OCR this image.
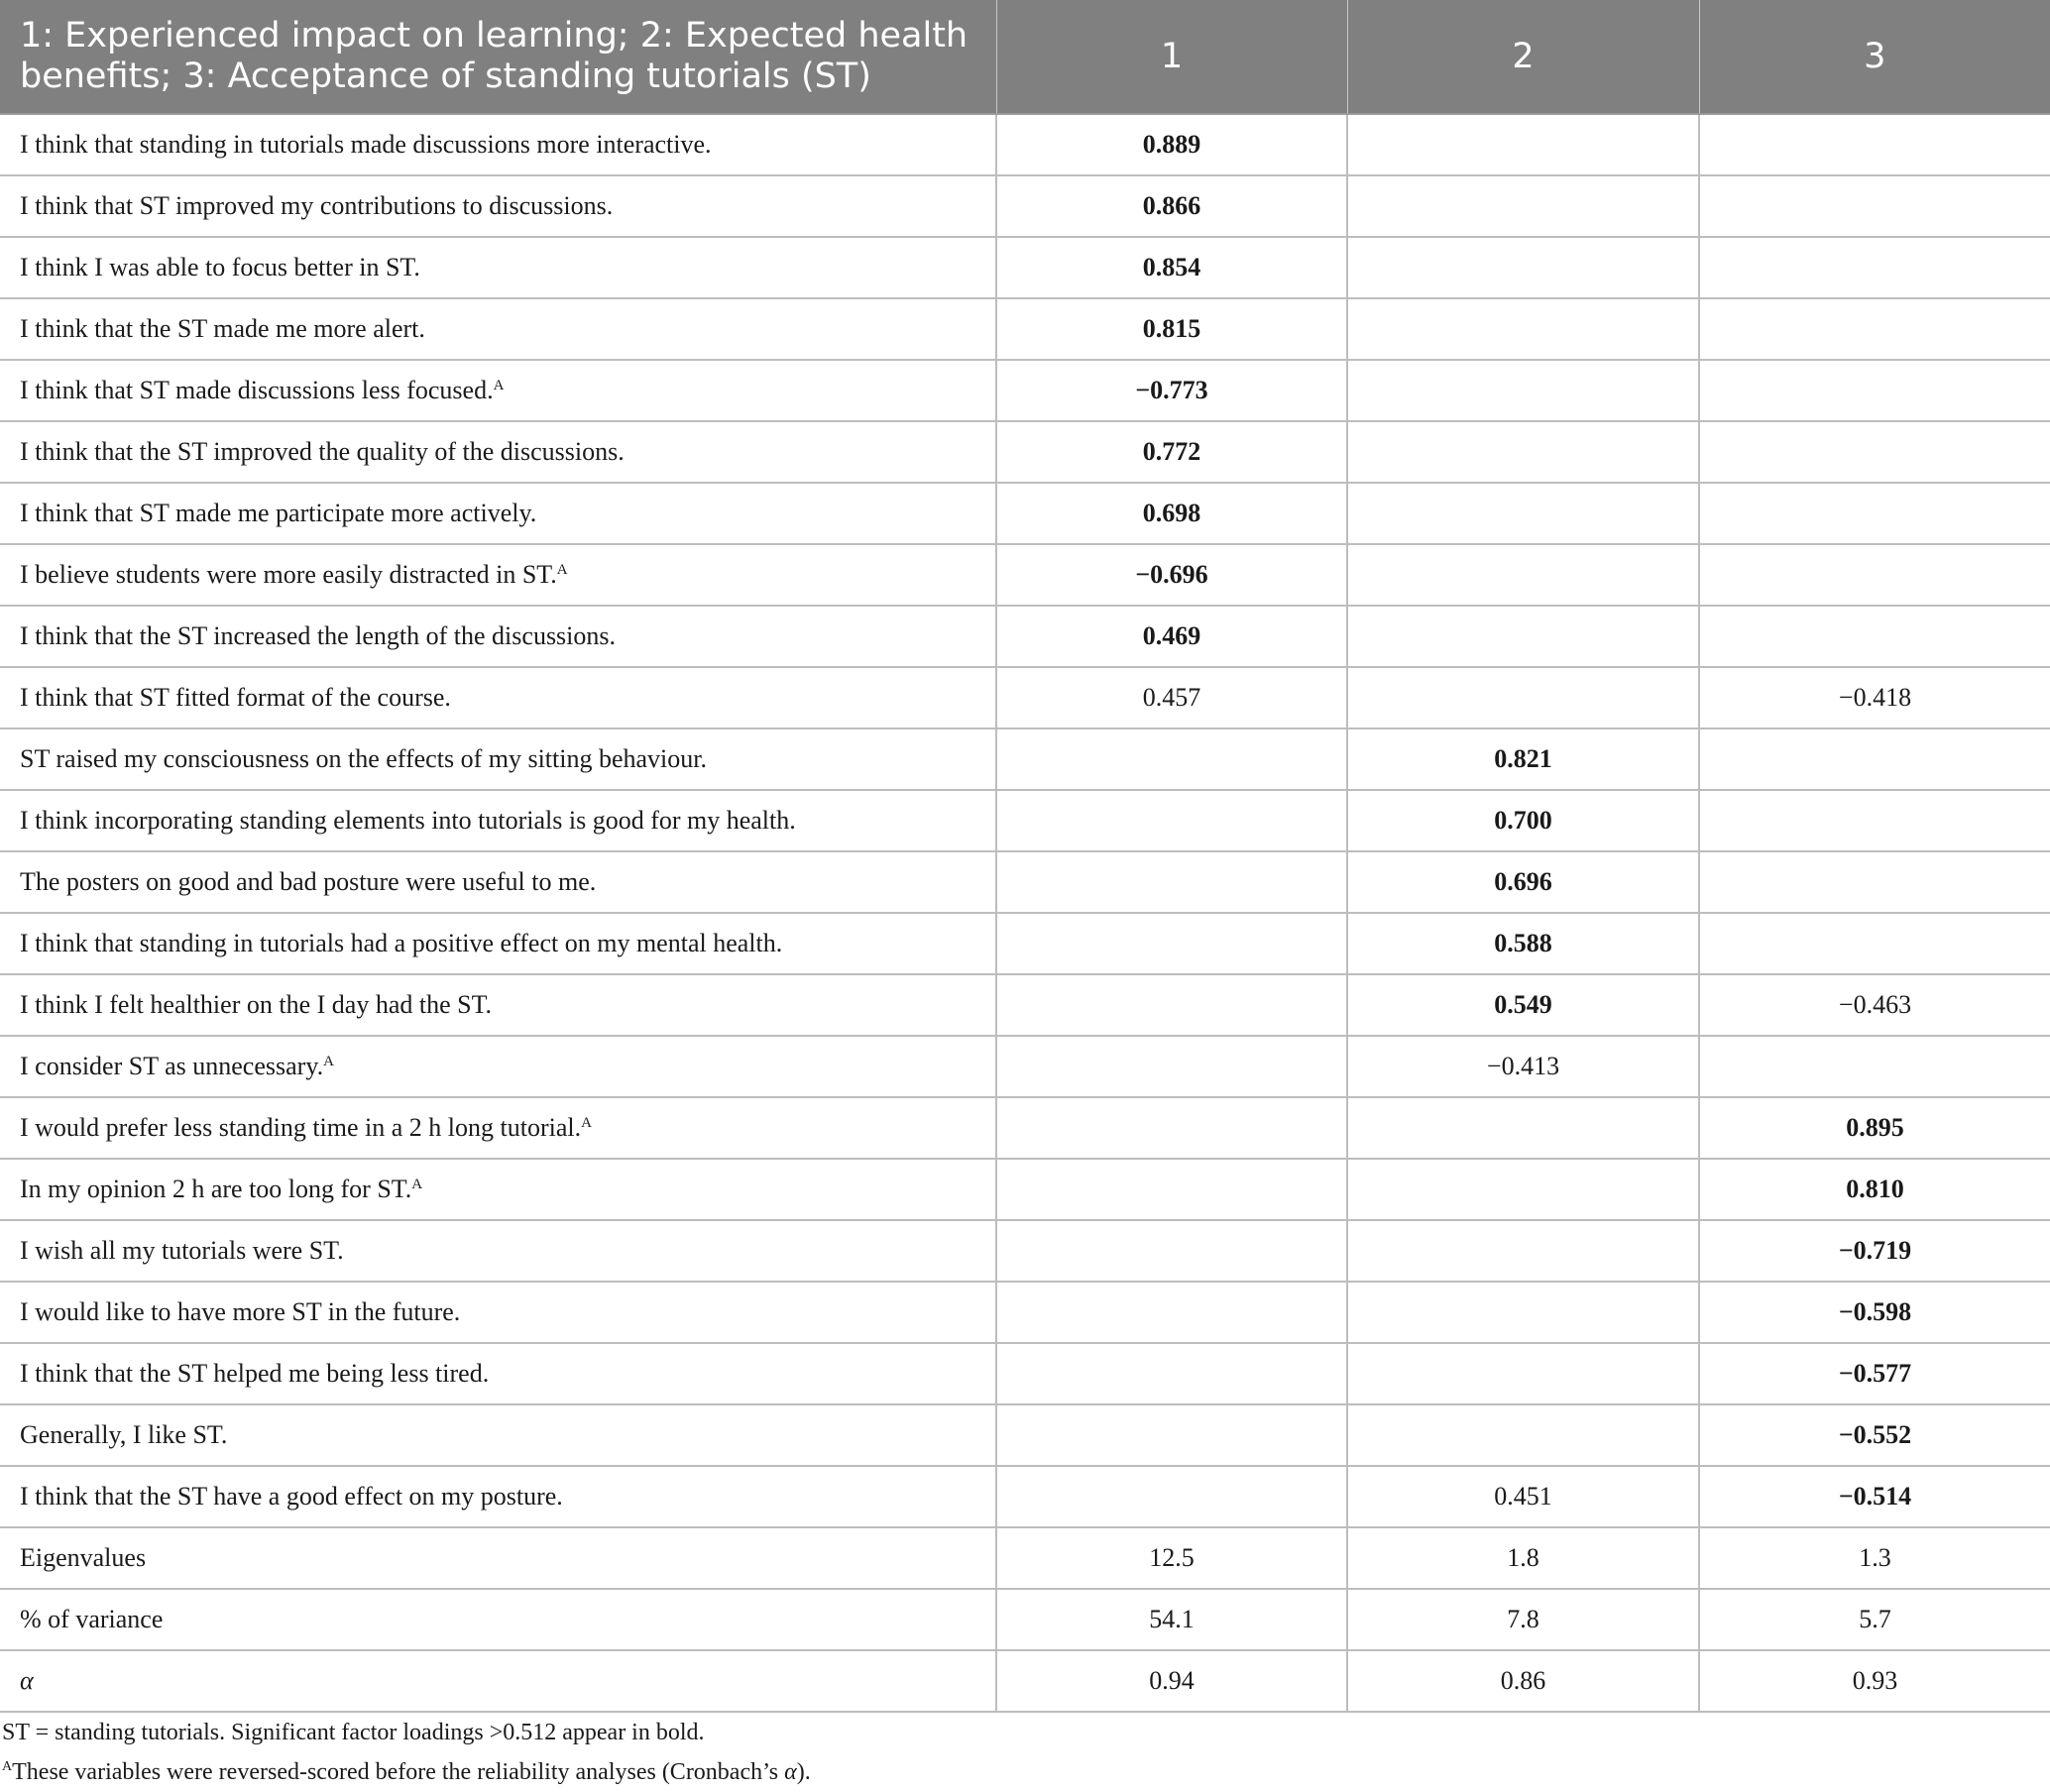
1: Experienced impact on learning; 2: Expected health benefits; 3: Acceptance of standing tutorials (ST)	1	2	3
I think that standing in tutorials made discussions more interactive.	0.889		
I think that ST improved my contributions to discussions.	0.866		
I think I was able to focus better in ST.	0.854		
I think that the ST made me more alert.	0.815		
I think that ST made discussions less focused.$^A$	−0.773		
I think that the ST improved the quality of the discussions.	0.772		
I think that ST made me participate more actively.	0.698		
I believe students were more easily distracted in ST.$^A$	−0.696		
I think that the ST increased the length of the discussions.	0.469		
I think that ST fitted format of the course.	0.457		−0.418
ST raised my consciousness on the effects of my sitting behaviour.		0.821	
I think incorporating standing elements into tutorials is good for my health.		0.700	
The posters on good and bad posture were useful to me.		0.696	
I think that standing in tutorials had a positive effect on my mental health.		0.588	
I think I felt healthier on the I day had the ST.		0.549	−0.463
I consider ST as unnecessary.$^A$		−0.413	
I would prefer less standing time in a 2 h long tutorial.$^A$			0.895
In my opinion 2 h are too long for ST.$^A$			0.810
I wish all my tutorials were ST.			−0.719
I would like to have more ST in the future.			−0.598
I think that the ST helped me being less tired.			−0.577
Generally, I like ST.			−0.552
I think that the ST have a good effect on my posture.		0.451	−0.514
Eigenvalues	12.5	1.8	1.3
% of variance	54.1	7.8	5.7
α	0.94	0.86	0.93

ST = standing tutorials. Significant factor loadings >0.512 appear in bold.

$^A$These variables were reversed-scored before the reliability analyses (Cronbach’s α).
